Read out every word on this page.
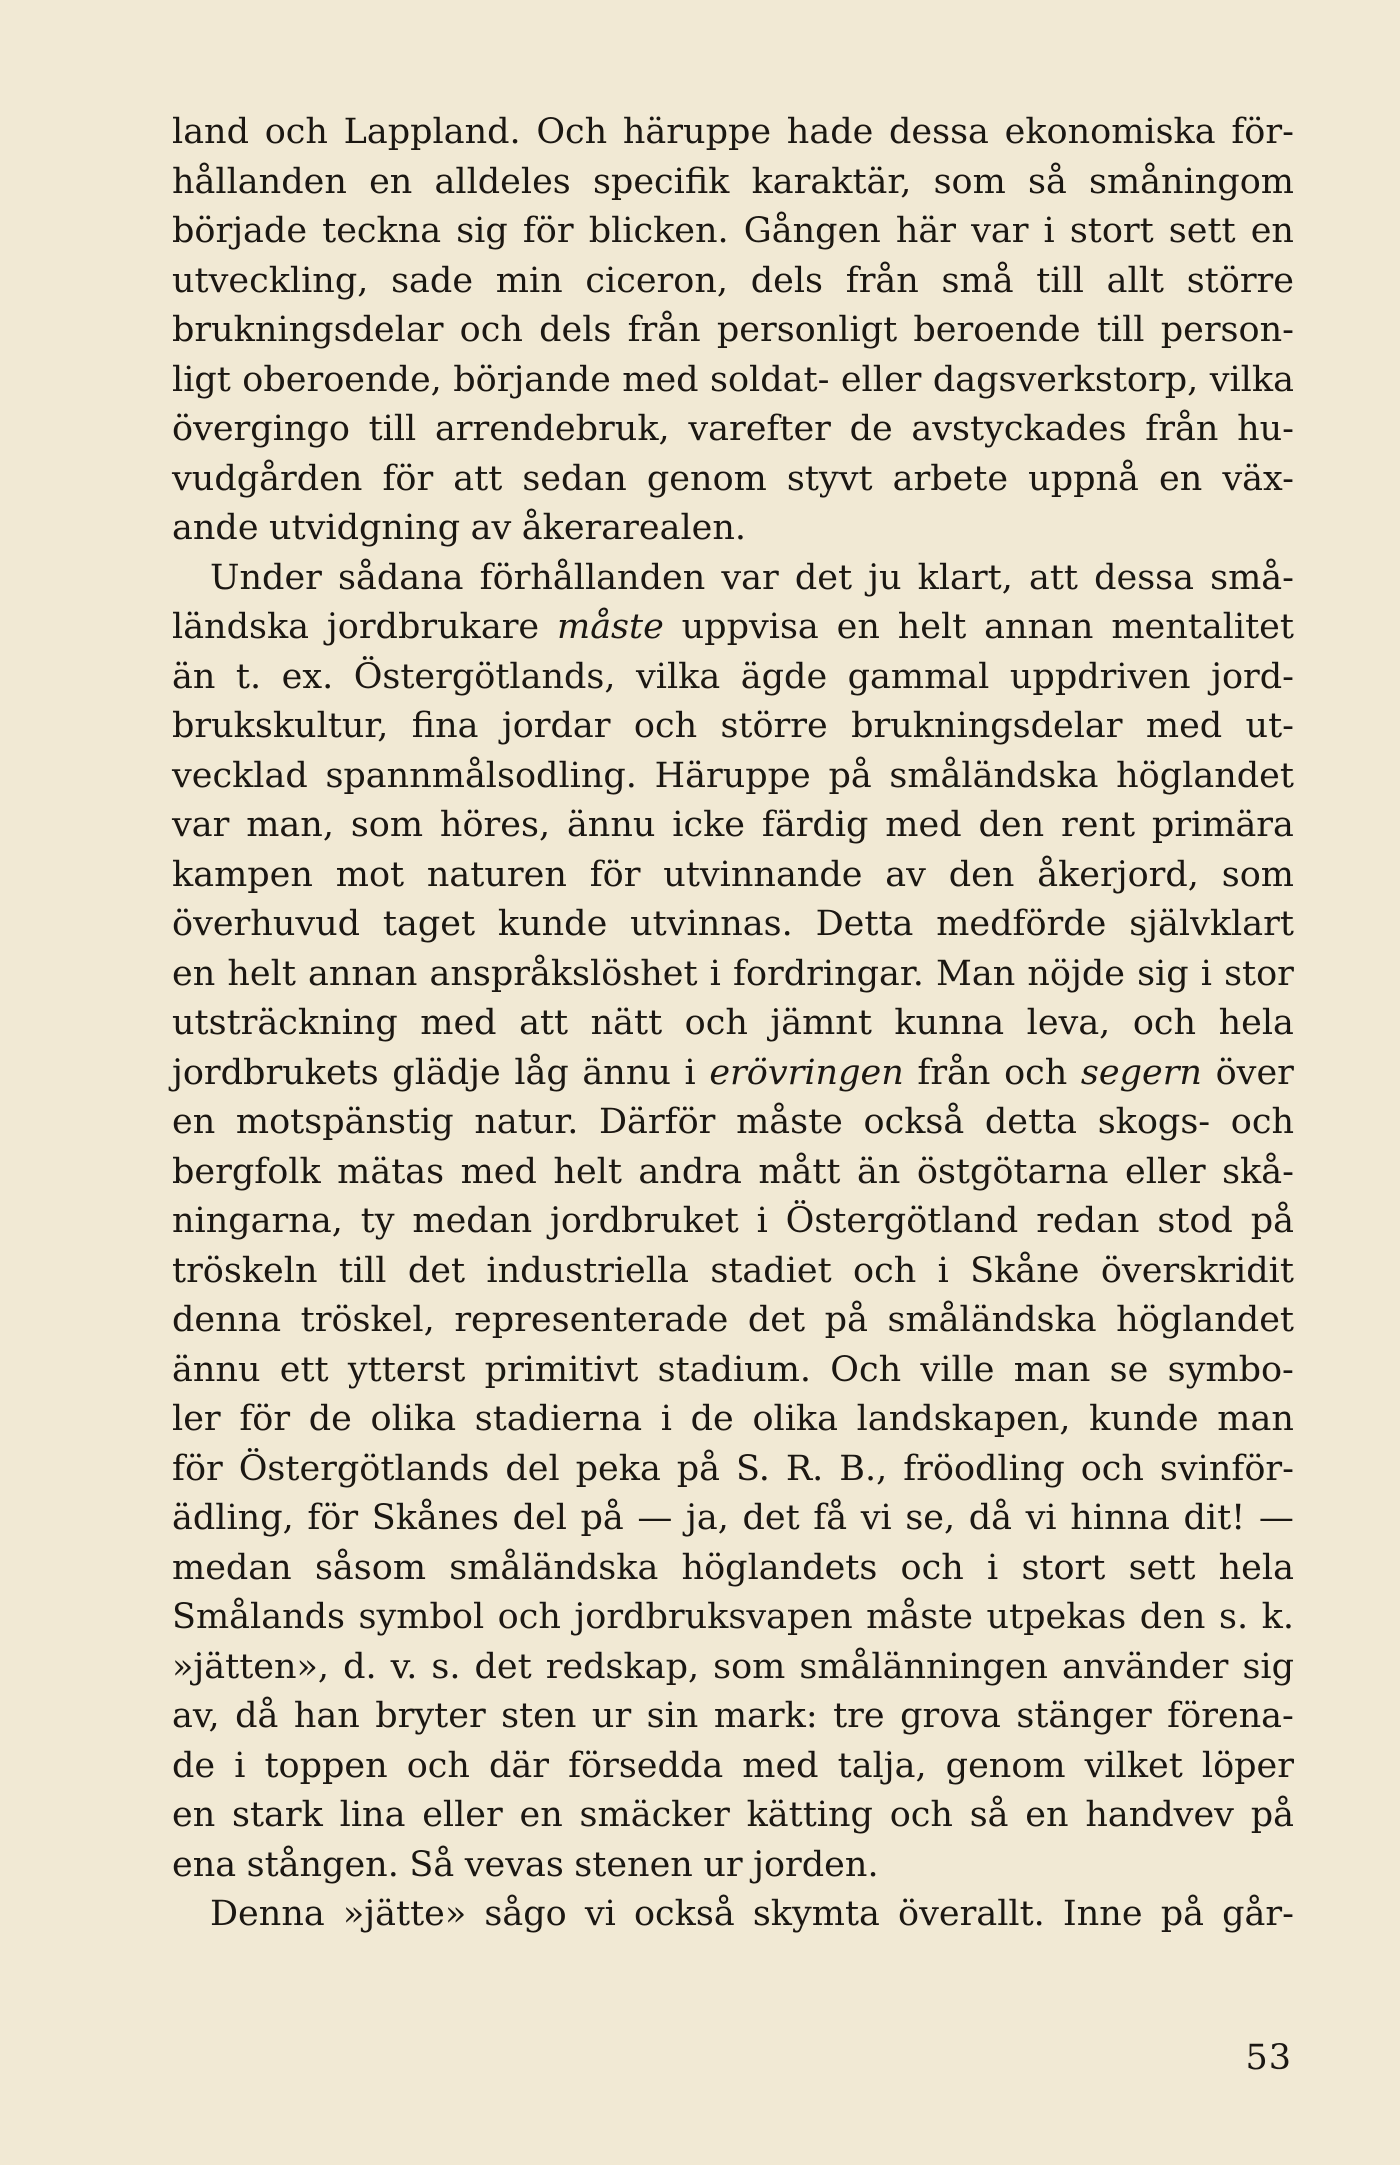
land och Lappland. Och häruppe hade dessa ekonomiska för-
hållanden en alldeles specifik karaktär, som så småningom
började teckna sig för blicken. Gången här var i stort sett en
utveckling, sade min ciceron, dels från små till allt större
brukningsdelar och dels från personligt beroende till person-
ligt oberoende, börjande med soldat- eller dagsverkstorp, vilka
övergingo till arrendebruk, varefter de avstyckades från hu-
vudgården för att sedan genom styvt arbete uppnå en väx-
ande utvidgning av åkerarealen.
Under sådana förhållanden var det ju klart, att dessa små-
ländska jordbrukare måste uppvisa en helt annan mentalitet
än t. ex. Östergötlands, vilka ägde gammal uppdriven jord-
brukskultur, fina jordar och större brukningsdelar med ut-
vecklad spannmålsodling. Häruppe på småländska höglandet
var man, som höres, ännu icke färdig med den rent primära
kampen mot naturen för utvinnande av den åkerjord, som
överhuvud taget kunde utvinnas. Detta medförde självklart
en helt annan anspråkslöshet i fordringar. Man nöjde sig i stor
utsträckning med att nätt och jämnt kunna leva, och hela
jordbrukets glädje låg ännu i erövringen från och segern över
en motspänstig natur. Därför måste också detta skogs- och
bergfolk mätas med helt andra mått än östgötarna eller skå-
ningarna, ty medan jordbruket i Östergötland redan stod på
tröskeln till det industriella stadiet och i Skåne överskridit
denna tröskel, representerade det på småländska höglandet
ännu ett ytterst primitivt stadium. Och ville man se symbo-
ler för de olika stadierna i de olika landskapen, kunde man
för Östergötlands del peka på S. R. B., fröodling och svinför-
ädling, för Skånes del på — ja, det få vi se, då vi hinna dit! —
medan såsom småländska höglandets och i stort sett hela
Smålands symbol och jordbruksvapen måste utpekas den s. k.
»jätten», d. v. s. det redskap, som smålänningen använder sig
av, då han bryter sten ur sin mark: tre grova stänger förena-
de i toppen och där försedda med talja, genom vilket löper
en stark lina eller en smäcker kätting och så en handvev på
ena stången. Så vevas stenen ur jorden.
Denna »jätte» sågo vi också skymta överallt. Inne på går-
53
